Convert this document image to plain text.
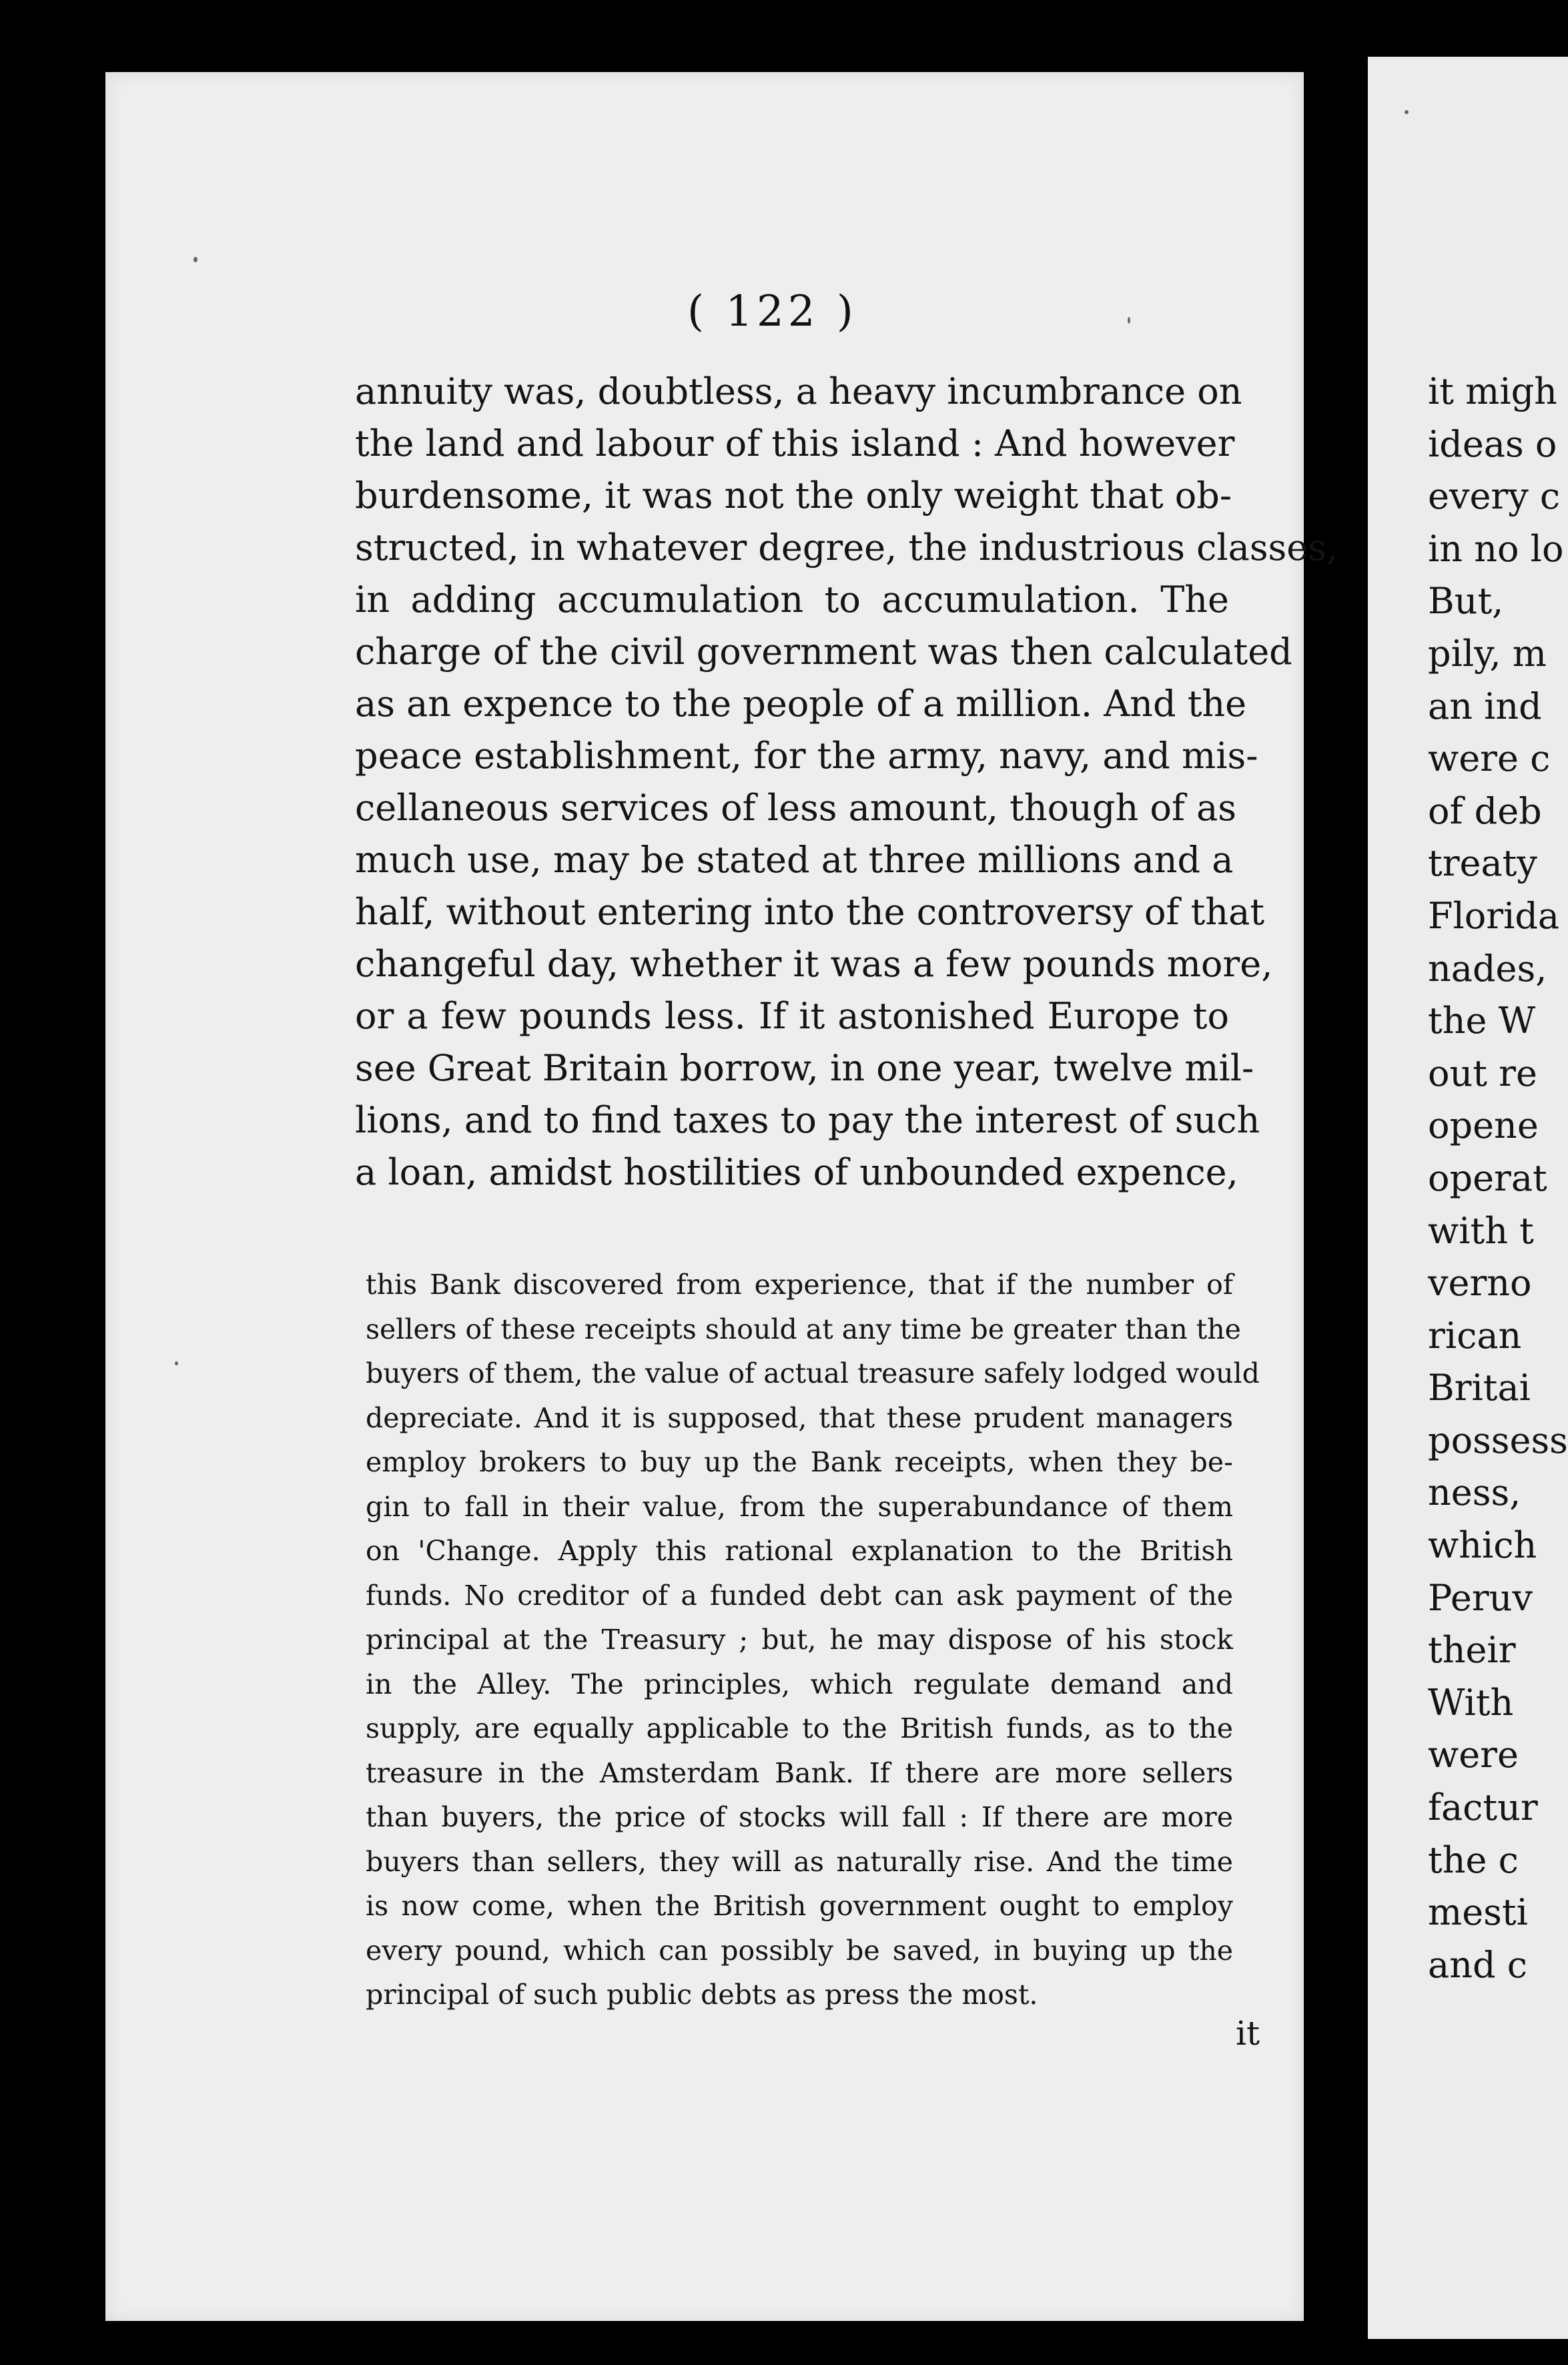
( 122 )

annuity was, doubtless, a heavy incumbrance on
the land and labour of this island : And however
burdensome, it was not the only weight that ob-
structed, in whatever degree, the industrious classes,
in adding accumulation to accumulation. The
charge of the civil government was then calculated
as an expence to the people of a million. And the
peace establishment, for the army, navy, and mis-
cellaneous services of less amount, though of as
much use, may be stated at three millions and a
half, without entering into the controversy of that
changeful day, whether it was a few pounds more,
or a few pounds less. If it astonished Europe to
see Great Britain borrow, in one year, twelve mil-
lions, and to find taxes to pay the interest of such
a loan, amidst hostilities of unbounded expence,

this Bank discovered from experience, that if the number of
sellers of these receipts should at any time be greater than the
buyers of them, the value of actual treasure safely lodged would
depreciate. And it is supposed, that these prudent managers
employ brokers to buy up the Bank receipts, when they be-
gin to fall in their value, from the superabundance of them
on 'Change. Apply this rational explanation to the British
funds. No creditor of a funded debt can ask payment of the
principal at the Treasury ; but, he may dispose of his stock
in the Alley. The principles, which regulate demand and
supply, are equally applicable to the British funds, as to the
treasure in the Amsterdam Bank. If there are more sellers
than buyers, the price of stocks will fall : If there are more
buyers than sellers, they will as naturally rise. And the time
is now come, when the British government ought to employ
every pound, which can possibly be saved, in buying up the
principal of such public debts as press the most.

it

it migh
ideas o
every c
in no lo
But,
pily, m
an ind
were c
of deb
treaty
Florida
nades,
the W
out re
opene
operat
with t
verno
rican
Britai
possess
ness,
which
Peruv
their
With
were
factur
the c
mesti
and c
